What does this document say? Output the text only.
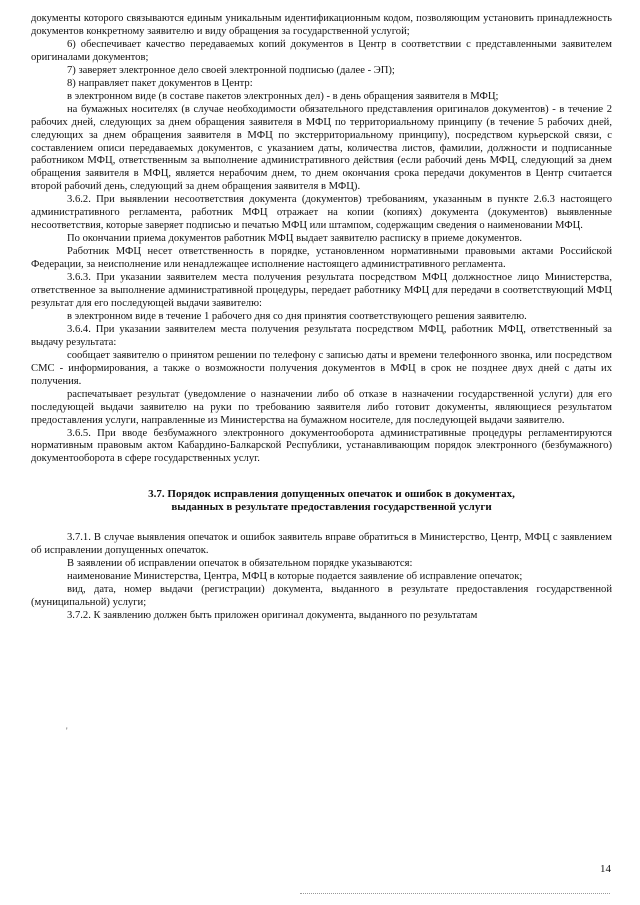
документы которого связываются единым уникальным идентификационным кодом, позволяющим установить принадлежность документов конкретному заявителю и виду обращения за государственной услугой;

6) обеспечивает качество передаваемых копий документов в Центр в соответствии с представленными заявителем оригиналами документов;

7) заверяет электронное дело своей электронной подписью (далее - ЭП);

8) направляет пакет документов в Центр:

в электронном виде (в составе пакетов электронных дел) - в день обращения заявителя в МФЦ;

на бумажных носителях (в случае необходимости обязательного представления оригиналов документов) - в течение 2 рабочих дней, следующих за днем обращения заявителя в МФЦ по территориальному принципу (в течение 5 рабочих дней, следующих за днем обращения заявителя в МФЦ по экстерриториальному принципу), посредством курьерской связи, с составлением описи передаваемых документов, с указанием даты, количества листов, фамилии, должности и подписанные работником МФЦ, ответственным за выполнение административного действия (если рабочий день МФЦ, следующий за днем обращения заявителя в МФЦ, является нерабочим днем, то днем окончания срока передачи документов в Центр считается второй рабочий день, следующий за днем обращения заявителя в МФЦ).

3.6.2. При выявлении несоответствия документа (документов) требованиям, указанным в пункте 2.6.3 настоящего административного регламента, работник МФЦ отражает на копии (копиях) документа (документов) выявленные несоответствия, которые заверяет подписью и печатью МФЦ или штампом, содержащим сведения о наименовании МФЦ.

По окончании приема документов работник МФЦ выдает заявителю расписку в приеме документов.

Работник МФЦ несет ответственность в порядке, установленном нормативными правовыми актами Российской Федерации, за неисполнение или ненадлежащее исполнение настоящего административного регламента.

3.6.3. При указании заявителем места получения результата посредством МФЦ должностное лицо Министерства, ответственное за выполнение административной процедуры, передает работнику МФЦ для передачи в соответствующий МФЦ результат для его последующей выдачи заявителю:

в электронном виде в течение 1 рабочего дня со дня принятия соответствующего решения заявителю.

3.6.4. При указании заявителем места получения результата посредством МФЦ, работник МФЦ, ответственный за выдачу результата:

сообщает заявителю о принятом решении по телефону с записью даты и времени телефонного звонка, или посредством СМС - информирования, а также о возможности получения документов в МФЦ в срок не позднее двух дней с даты их получения.

распечатывает результат (уведомление о назначении либо об отказе в назначении государственной услуги) для его последующей выдачи заявителю на руки по требованию заявителя либо готовит документы, являющиеся результатом предоставления услуги, направленные из Министерства на бумажном носителе, для последующей выдачи заявителю.

3.6.5. При вводе безбумажного электронного документооборота административные процедуры регламентируются нормативным правовым актом Кабардино-Балкарской Республики, устанавливающим порядок электронного (безбумажного) документооборота в сфере государственных услуг.

3.7. Порядок исправления допущенных опечаток и ошибок в документах,
выданных в результате предоставления государственной услуги

3.7.1. В случае выявления опечаток и ошибок заявитель вправе обратиться в Министерство, Центр, МФЦ с заявлением об исправлении допущенных опечаток.

В заявлении об исправлении опечаток в обязательном порядке указываются:

наименование Министерства, Центра, МФЦ в которые подается заявление об исправление опечаток;

вид, дата, номер выдачи (регистрации) документа, выданного в результате предоставления государственной (муниципальной) услуги;

3.7.2. К заявлению должен быть приложен оригинал документа, выданного по результатам

'
14
